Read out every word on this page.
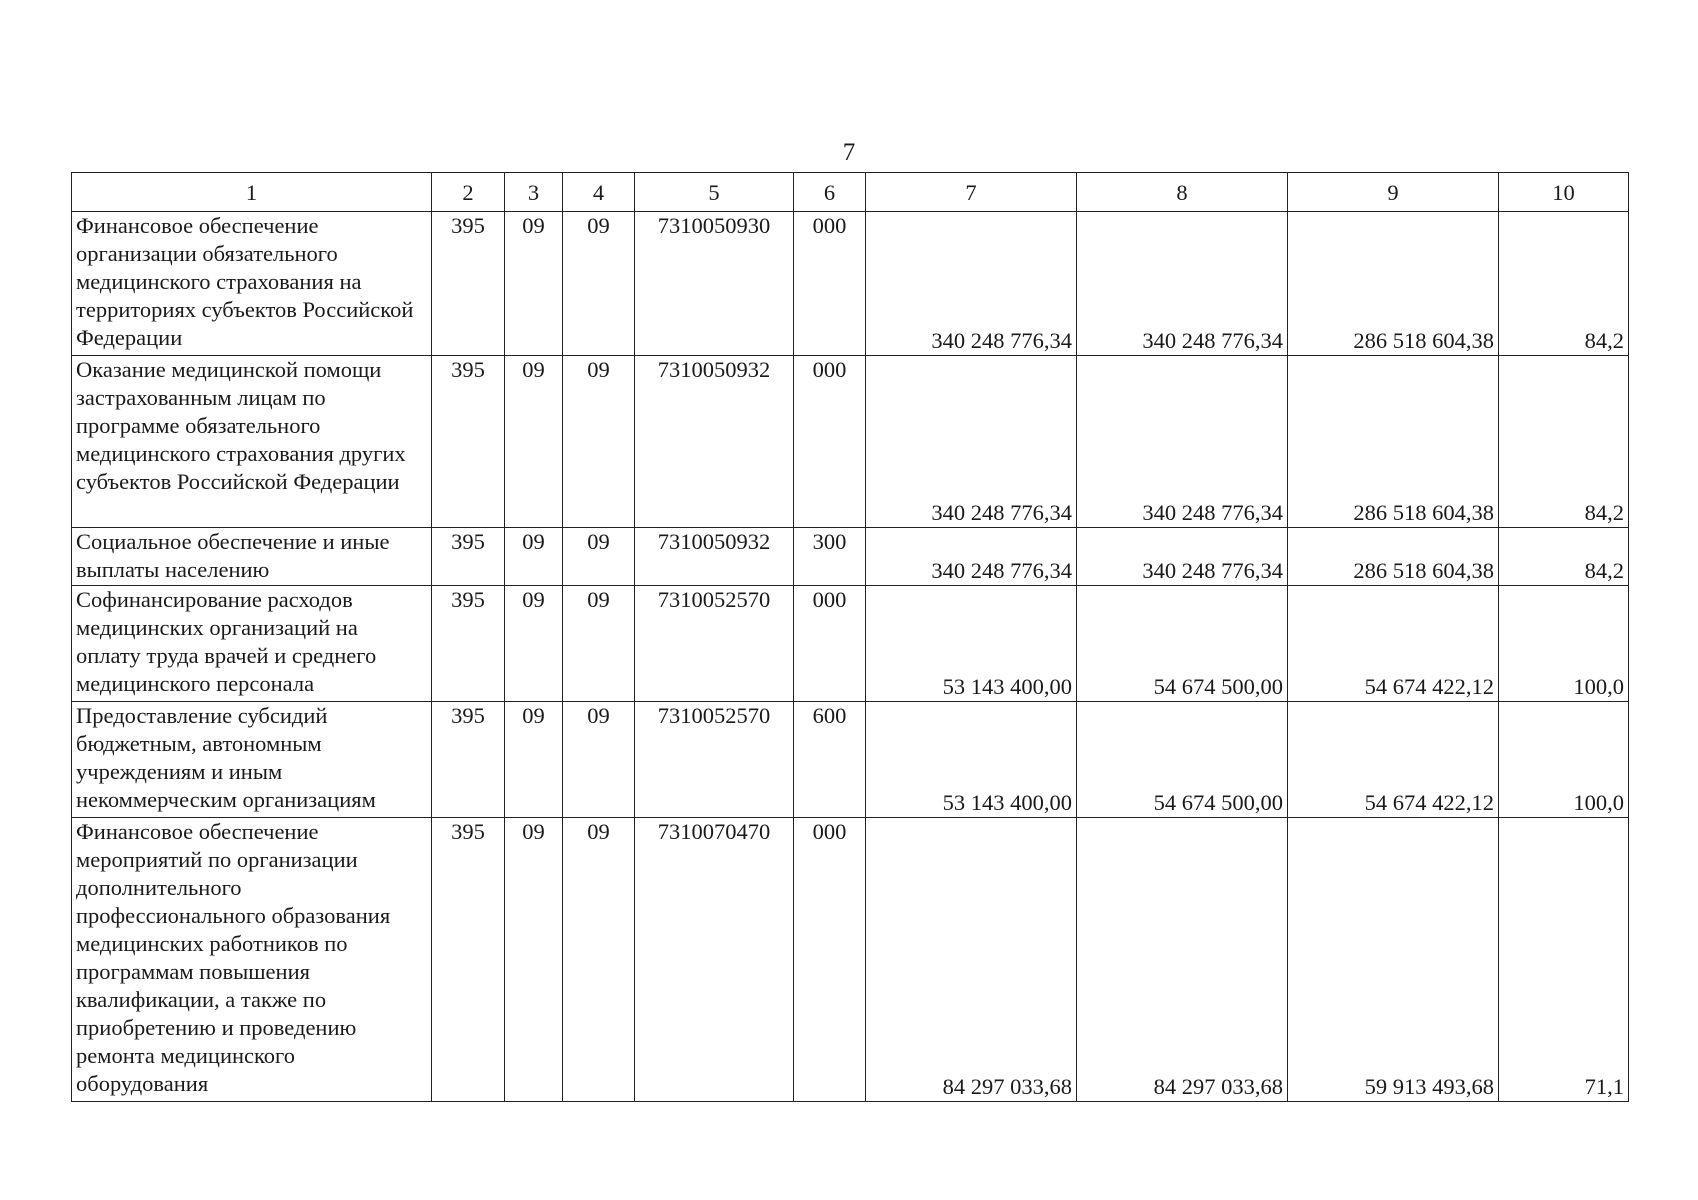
7
1	2	3	4	5	6	7	8	9	10
Финансовое обеспечение организации обязательного медицинского страхования на территориях субъектов Российской Федерации	395	09	09	7310050930	000	340 248 776,34	340 248 776,34	286 518 604,38	84,2
Оказание медицинской помощи застрахованным лицам по программе обязательного медицинского страхования других субъектов Российской Федерации	395	09	09	7310050932	000	340 248 776,34	340 248 776,34	286 518 604,38	84,2
Социальное обеспечение и иные выплаты населению	395	09	09	7310050932	300	340 248 776,34	340 248 776,34	286 518 604,38	84,2
Софинансирование расходов медицинских организаций на оплату труда врачей и среднего медицинского персонала	395	09	09	7310052570	000	53 143 400,00	54 674 500,00	54 674 422,12	100,0
Предоставление субсидий бюджетным, автономным учреждениям и иным некоммерческим организациям	395	09	09	7310052570	600	53 143 400,00	54 674 500,00	54 674 422,12	100,0
Финансовое обеспечение мероприятий по организации дополнительного профессионального образования медицинских работников по программам повышения квалификации, а также по приобретению и проведению ремонта медицинского оборудования	395	09	09	7310070470	000	84 297 033,68	84 297 033,68	59 913 493,68	71,1
